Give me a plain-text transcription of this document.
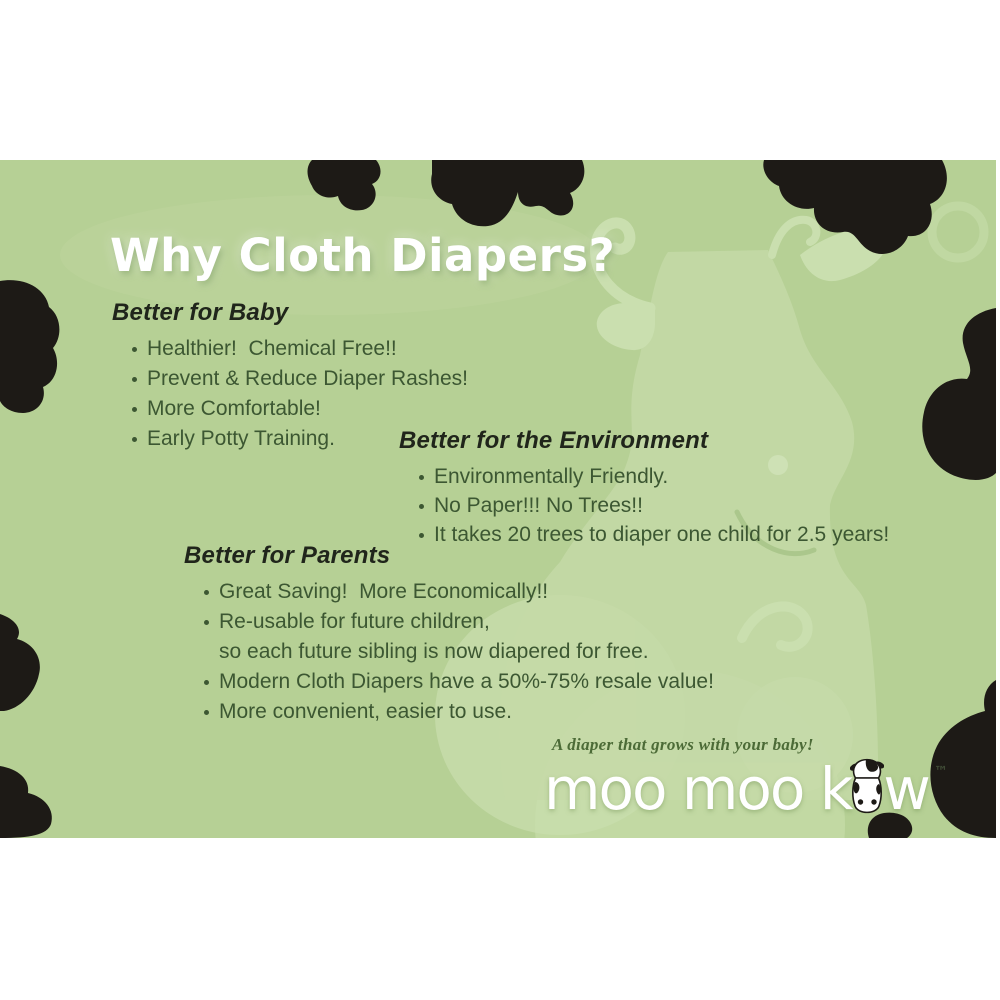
Why Cloth Diapers?
Better for Baby
Healthier!  Chemical Free!!
Prevent & Reduce Diaper Rashes!
More Comfortable!
Early Potty Training.	Better for the Environment
Environmentally Friendly.
No Paper!!! No Trees!!
It takes 20 trees to diaper one child for 2.5 years!
Better for Parents
Great Saving!  More Economically!!
Re-usable for future children,
so each future sibling is now diapered for free.
Modern Cloth Diapers have a 50%-75% resale value!
More convenient, easier to use.
A diaper that grows with your baby!
moo moo k w ™
